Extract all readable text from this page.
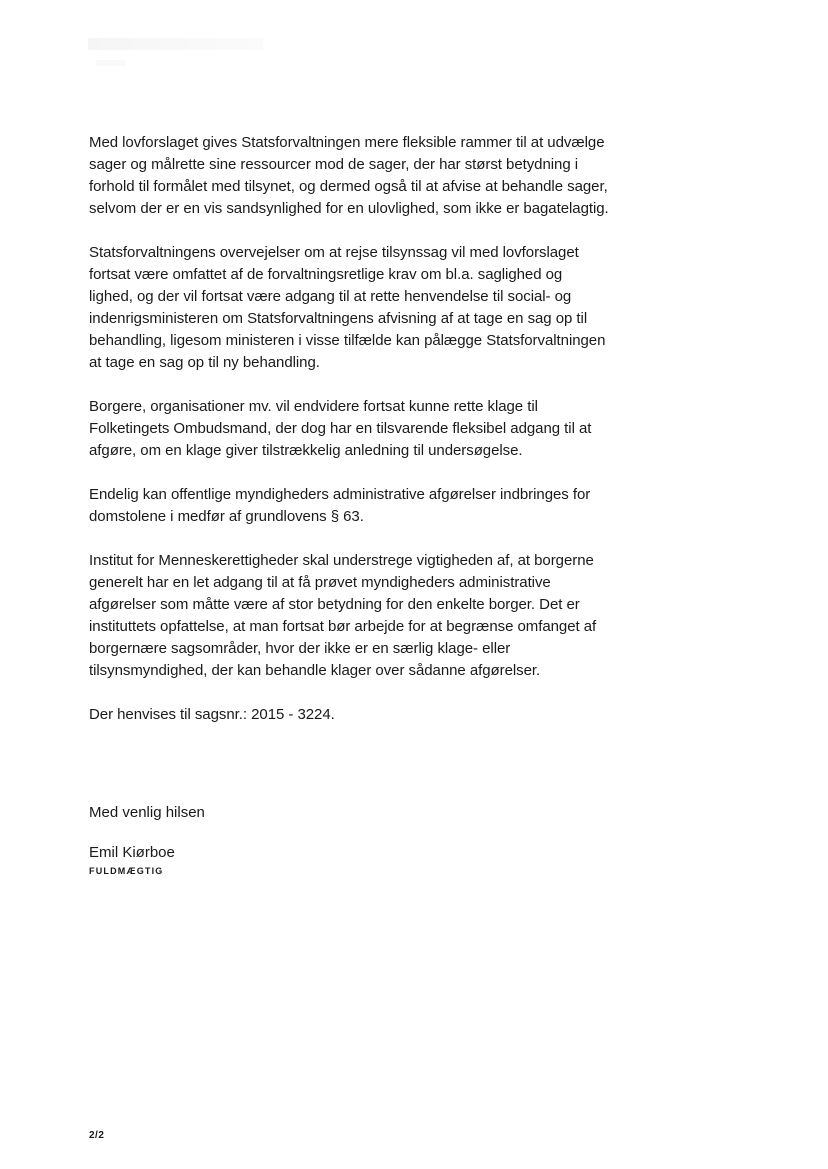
Med lovforslaget gives Statsforvaltningen mere fleksible rammer til at udvælge sager og målrette sine ressourcer mod de sager, der har størst betydning i forhold til formålet med tilsynet, og dermed også til at afvise at behandle sager, selvom der er en vis sandsynlighed for en ulovlighed, som ikke er bagatelagtig.

Statsforvaltningens overvejelser om at rejse tilsynssag vil med lovforslaget fortsat være omfattet af de forvaltningsretlige krav om bl.a. saglighed og lighed, og der vil fortsat være adgang til at rette henvendelse til social- og indenrigsministeren om Statsforvaltningens afvisning af at tage en sag op til behandling, ligesom ministeren i visse tilfælde kan pålægge Statsforvaltningen at tage en sag op til ny behandling.

Borgere, organisationer mv. vil endvidere fortsat kunne rette klage til Folketingets Ombudsmand, der dog har en tilsvarende fleksibel adgang til at afgøre, om en klage giver tilstrækkelig anledning til undersøgelse.

Endelig kan offentlige myndigheders administrative afgørelser indbringes for domstolene i medfør af grundlovens § 63.

Institut for Menneskerettigheder skal understrege vigtigheden af, at borgerne generelt har en let adgang til at få prøvet myndigheders administrative afgørelser som måtte være af stor betydning for den enkelte borger. Det er instituttets opfattelse, at man fortsat bør arbejde for at begrænse omfanget af borgernære sagsområder, hvor der ikke er en særlig klage- eller tilsynsmyndighed, der kan behandle klager over sådanne afgørelser.

Der henvises til sagsnr.: 2015 - 3224.

Med venlig hilsen

Emil Kiørboe

FULDMÆGTIG

2/2
